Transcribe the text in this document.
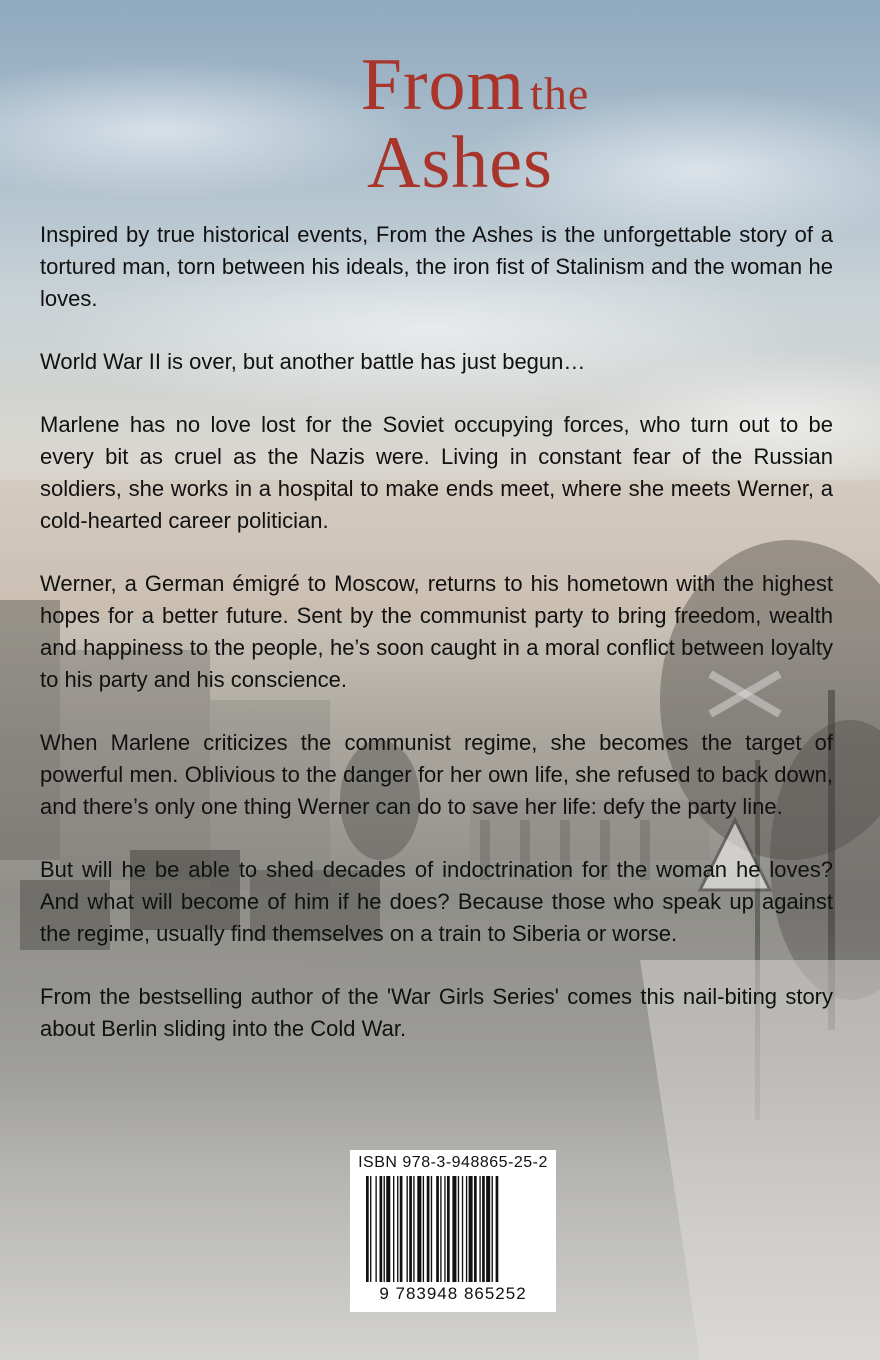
From the
Ashes

Inspired by true historical events, From the Ashes is the unforgettable story of a tortured man, torn between his ideals, the iron fist of Stalinism and the woman he loves.

World War II is over, but another battle has just begun…

Marlene has no love lost for the Soviet occupying forces, who turn out to be every bit as cruel as the Nazis were. Living in constant fear of the Russian soldiers, she works in a hospital to make ends meet, where she meets Werner, a cold-hearted career politician.

Werner, a German émigré to Moscow, returns to his hometown with the highest hopes for a better future. Sent by the communist party to bring freedom, wealth and happiness to the people, he’s soon caught in a moral conflict between loyalty to his party and his conscience.

When Marlene criticizes the communist regime, she becomes the target of powerful men. Oblivious to the danger for her own life, she refused to back down, and there’s only one thing Werner can do to save her life: defy the party line.

But will he be able to shed decades of indoctrination for the woman he loves? And what will become of him if he does? Because those who speak up against the regime, usually find themselves on a train to Siberia or worse.

From the bestselling author of the 'War Girls Series' comes this nail-biting story about Berlin sliding into the Cold War.

ISBN 978-3-948865-25-2
9 783948 865252
